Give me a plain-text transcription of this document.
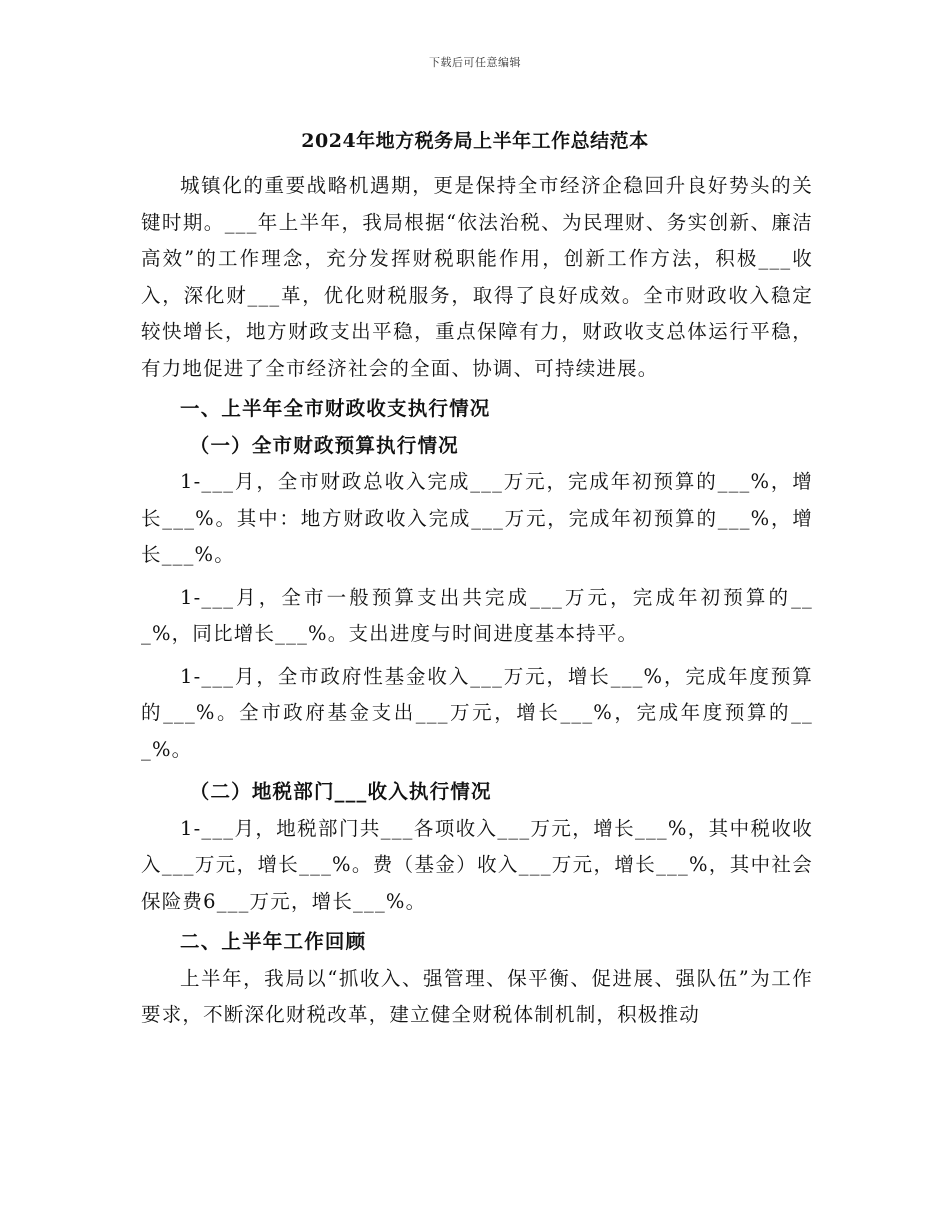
下载后可任意编辑
2024年地方税务局上半年工作总结范本

城镇化的重要战略机遇期，更是保持全市经济企稳回升良好势头的关键时期。___年上半年，我局根据“依法治税、为民理财、务实创新、廉洁高效”的工作理念，充分发挥财税职能作用，创新工作方法，积极___收入，深化财___革，优化财税服务，取得了良好成效。全市财政收入稳定较快增长，地方财政支出平稳，重点保障有力，财政收支总体运行平稳，有力地促进了全市经济社会的全面、协调、可持续进展。

一、上半年全市财政收支执行情况

（一）全市财政预算执行情况

1-___月，全市财政总收入完成___万元，完成年初预算的___%，增长___%。其中：地方财政收入完成___万元，完成年初预算的___%，增长___%。

1-___月，全市一般预算支出共完成___万元，完成年初预算的___%，同比增长___%。支出进度与时间进度基本持平。

1-___月，全市政府性基金收入___万元，增长___%，完成年度预算的___%。全市政府基金支出___万元，增长___%，完成年度预算的___%。

（二）地税部门___收入执行情况

1-___月，地税部门共___各项收入___万元，增长___%，其中税收收入___万元，增长___%。费（基金）收入___万元，增长___%，其中社会保险费6___万元，增长___%。

二、上半年工作回顾

上半年，我局以“抓收入、强管理、保平衡、促进展、强队伍”为工作要求，不断深化财税改革，建立健全财税体制机制，积极推动
